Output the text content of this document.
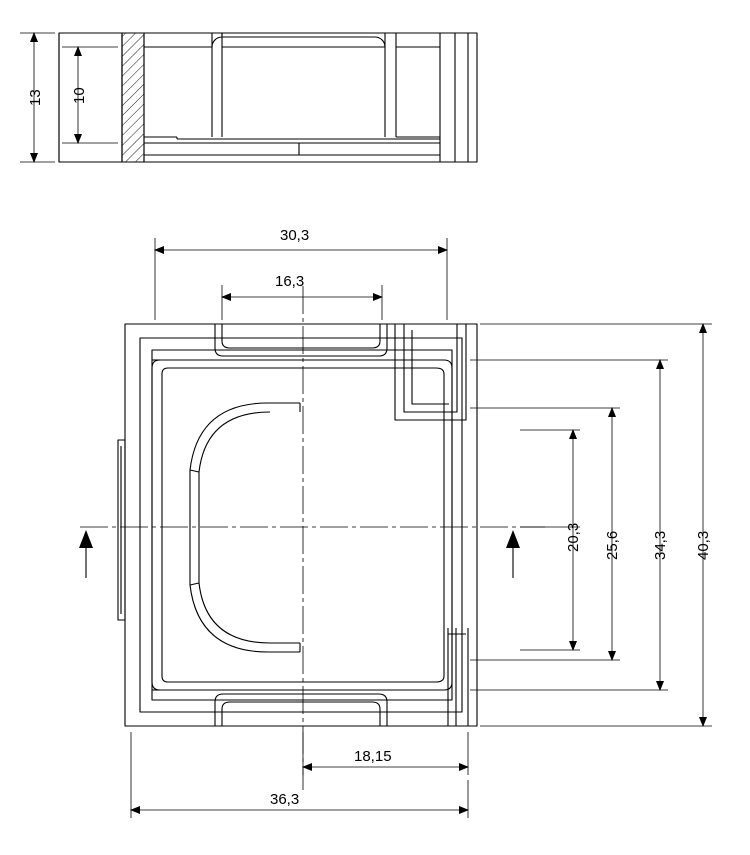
13 10
30,3
16,3
18,15
36,3
20,3 25,6 34,3 40,3
